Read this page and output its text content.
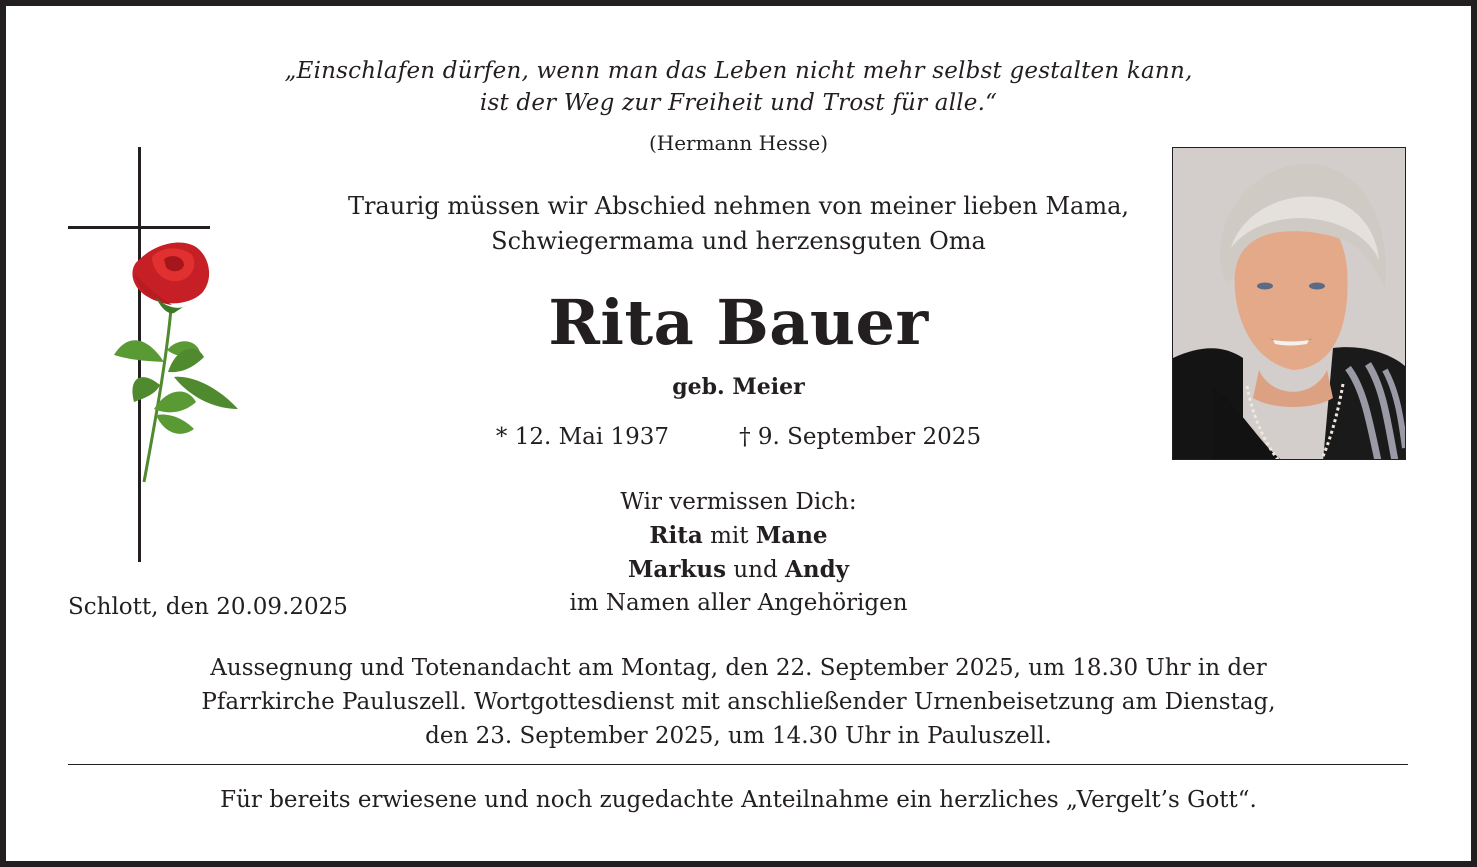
„Einschlafen dürfen, wenn man das Leben nicht mehr selbst gestalten kann,
ist der Weg zur Freiheit und Trost für alle.“
(Hermann Hesse)
Traurig müssen wir Abschied nehmen von meiner lieben Mama,
Schwiegermama und herzensguten Oma
Rita Bauer
geb. Meier
* 12. Mai 1937	† 9. September 2025
Wir vermissen Dich:
Rita mit Mane
Markus und Andy
im Namen aller Angehörigen
Schlott, den 20.09.2025
Aussegnung und Totenandacht am Montag, den 22. September 2025, um 18.30 Uhr in der
Pfarrkirche Pauluszell. Wortgottesdienst mit anschließender Urnenbeisetzung am Dienstag,
den 23. September 2025, um 14.30 Uhr in Pauluszell.
Für bereits erwiesene und noch zugedachte Anteilnahme ein herzliches „Vergelt’s Gott“.
